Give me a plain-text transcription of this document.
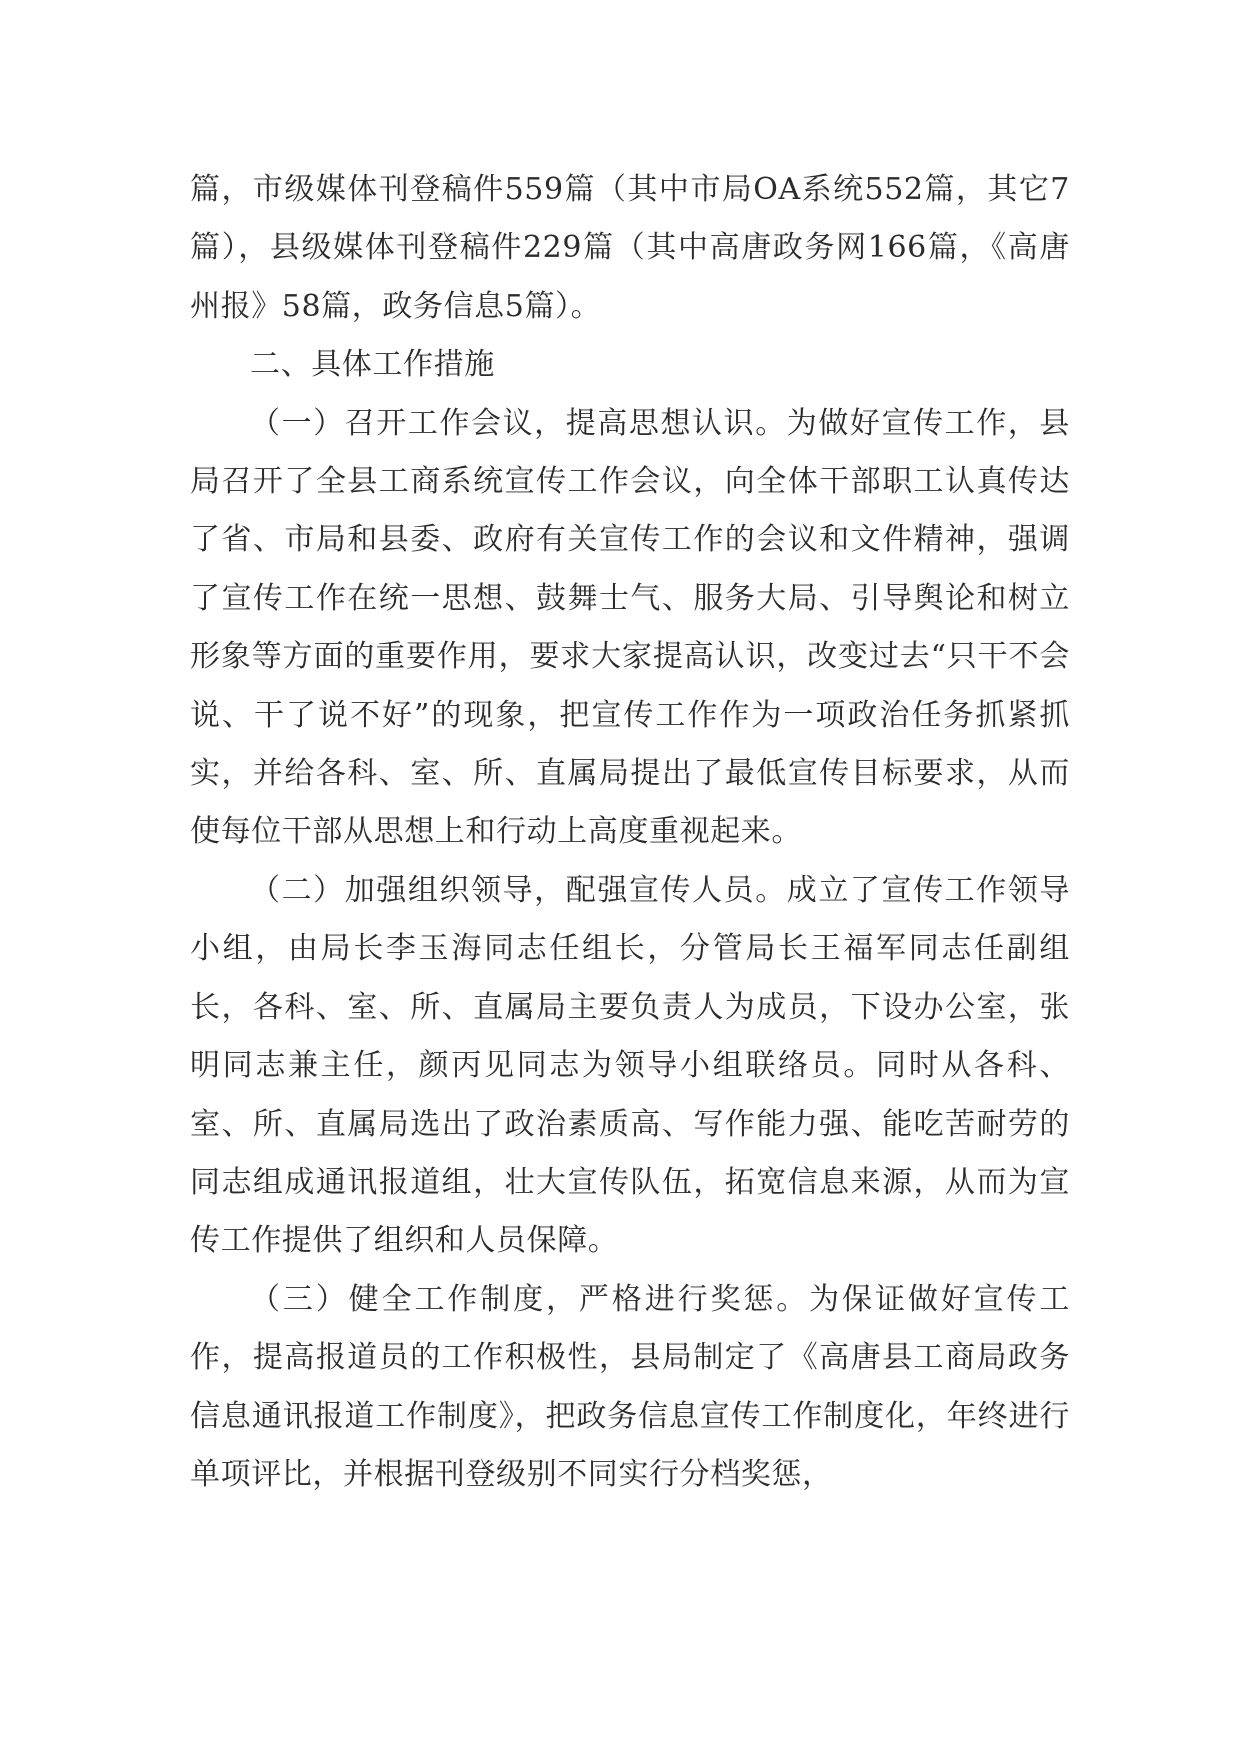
篇，市级媒体刊登稿件559篇（其中市局OA系统552篇，其它7篇），县级媒体刊登稿件229篇（其中高唐政务网166篇，《高唐州报》58篇，政务信息5篇）。

二、具体工作措施

（一）召开工作会议，提高思想认识。为做好宣传工作，县局召开了全县工商系统宣传工作会议，向全体干部职工认真传达了省、市局和县委、政府有关宣传工作的会议和文件精神，强调了宣传工作在统一思想、鼓舞士气、服务大局、引导舆论和树立形象等方面的重要作用，要求大家提高认识，改变过去“只干不会说、干了说不好”的现象，把宣传工作作为一项政治任务抓紧抓实，并给各科、室、所、直属局提出了最低宣传目标要求，从而使每位干部从思想上和行动上高度重视起来。

（二）加强组织领导，配强宣传人员。成立了宣传工作领导小组，由局长李玉海同志任组长，分管局长王福军同志任副组长，各科、室、所、直属局主要负责人为成员，下设办公室，张明同志兼主任，颜丙见同志为领导小组联络员。同时从各科、室、所、直属局选出了政治素质高、写作能力强、能吃苦耐劳的同志组成通讯报道组，壮大宣传队伍，拓宽信息来源，从而为宣传工作提供了组织和人员保障。

（三）健全工作制度，严格进行奖惩。为保证做好宣传工作，提高报道员的工作积极性，县局制定了《高唐县工商局政务信息通讯报道工作制度》，把政务信息宣传工作制度化，年终进行单项评比，并根据刊登级别不同实行分档奖惩，
